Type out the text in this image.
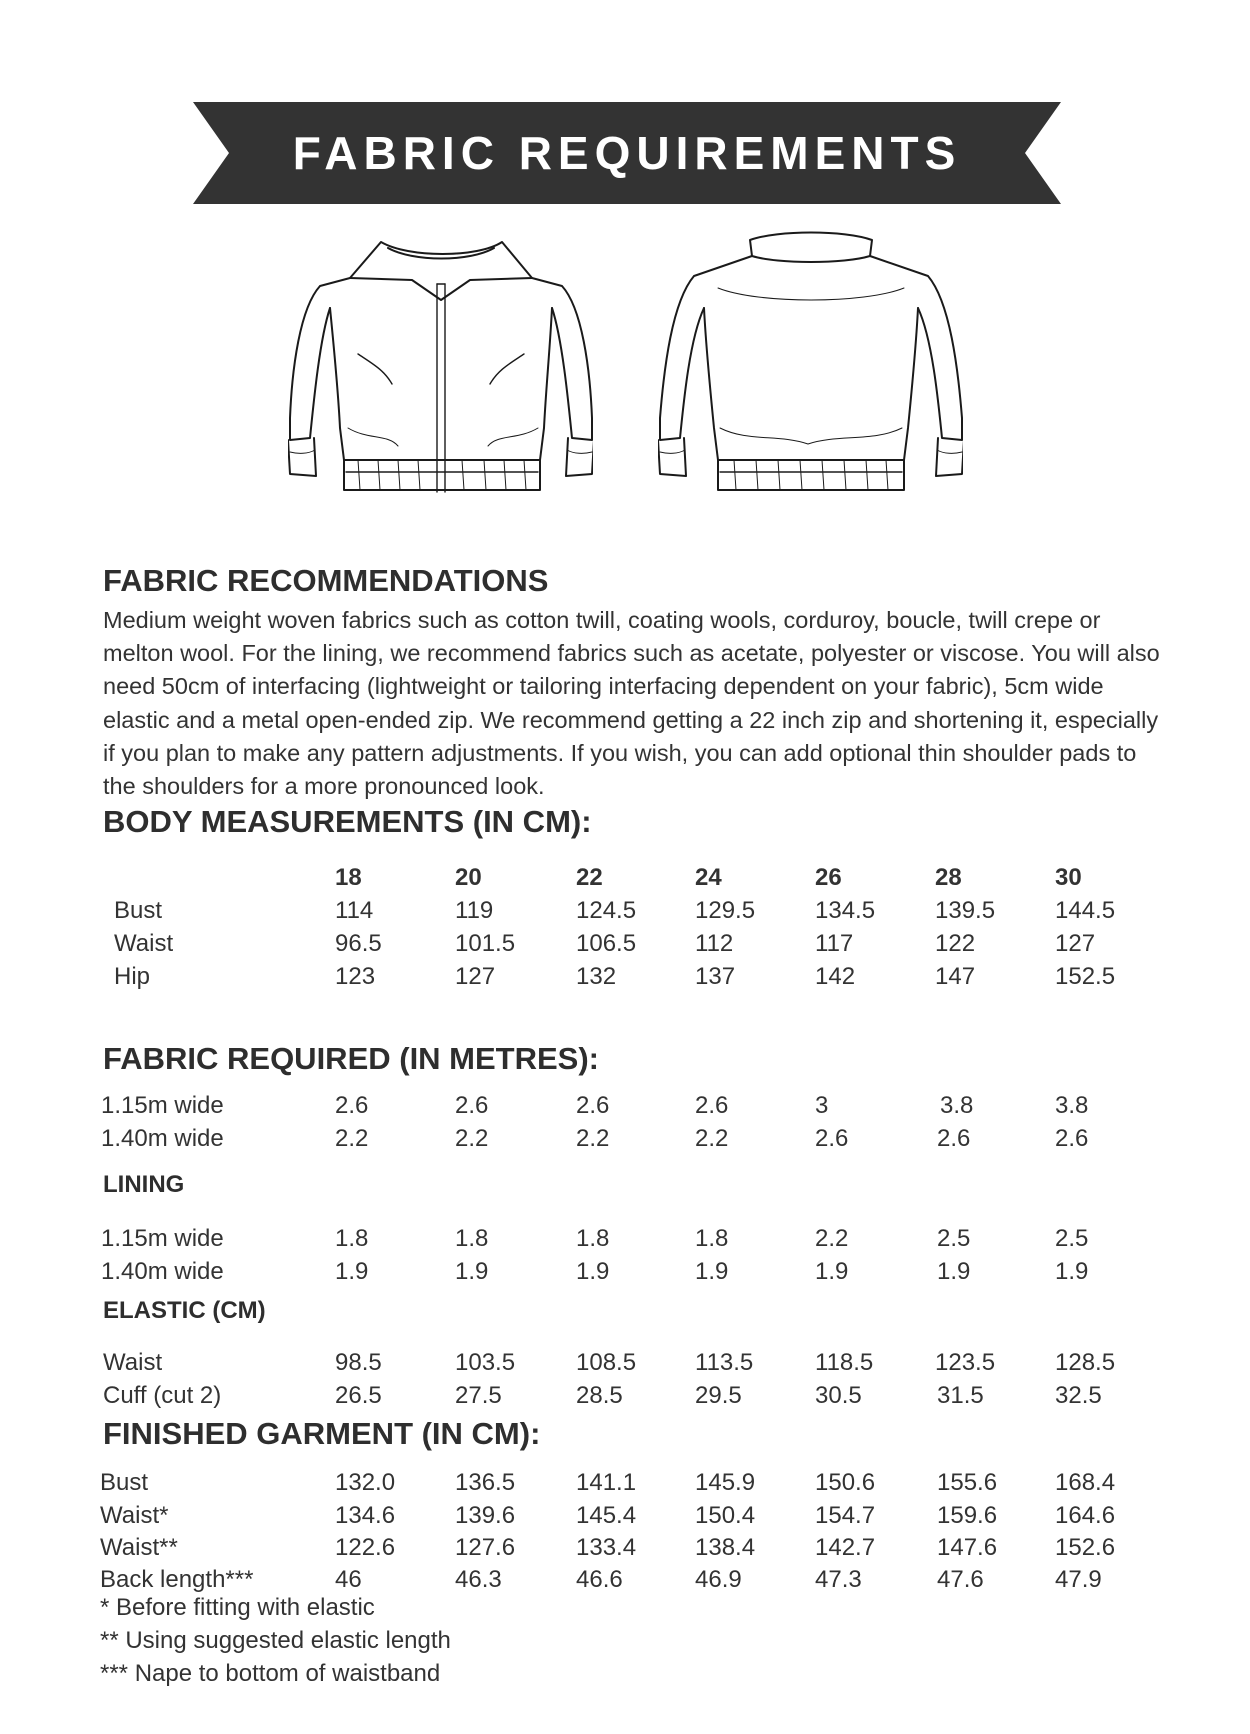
FABRIC REQUIREMENTS
FABRIC RECOMMENDATIONS
Medium weight woven fabrics such as cotton twill, coating wools, corduroy, boucle, twill crepe or melton wool. For the lining, we recommend fabrics such as acetate, polyester or viscose. You will also need 50cm of interfacing (lightweight or tailoring interfacing dependent on your fabric), 5cm wide elastic and a metal open-ended zip. We recommend getting a 22 inch zip and shortening it, especially if you plan to make any pattern adjustments. If you wish, you can add optional thin shoulder pads to the shoulders for a more pronounced look.
BODY MEASUREMENTS (IN CM):
18	20	22	24	26	28	30
Bust	114	119	124.5 129.5 134.5 139.5 144.5
Waist	96.5	101.5	106.5 112	117	122	127
Hip	123	127	132	137	142	147	152.5
FABRIC REQUIRED (IN METRES):
1.15m wide	2.6	2.6	2.6	2.6	3	3.8	3.8
1.40m wide	2.2	2.2	2.2	2.2	2.6	2.6	2.6
LINING
1.15m wide	1.8	1.8	1.8	1.8	2.2	2.5	2.5
1.40m wide	1.9	1.9	1.9	1.9	1.9	1.9	1.9
ELASTIC (CM)
Waist	98.5	103.5	108.5 113.5	118.5	123.5 128.5
Cuff (cut 2)	26.5	27.5	28.5	29.5	30.5	31.5	32.5
FINISHED GARMENT (IN CM):
Bust	132.0 136.5	141.1 145.9 150.6	155.6 168.4
Waist*	134.6 139.6	145.4 150.4 154.7	159.6 164.6
Waist**	122.6 127.6	133.4 138.4 142.7	147.6 152.6
Back length***	46	46.3	46.6	46.9	47.3	47.6	47.9
* Before fitting with elastic
** Using suggested elastic length
*** Nape to bottom of waistband
